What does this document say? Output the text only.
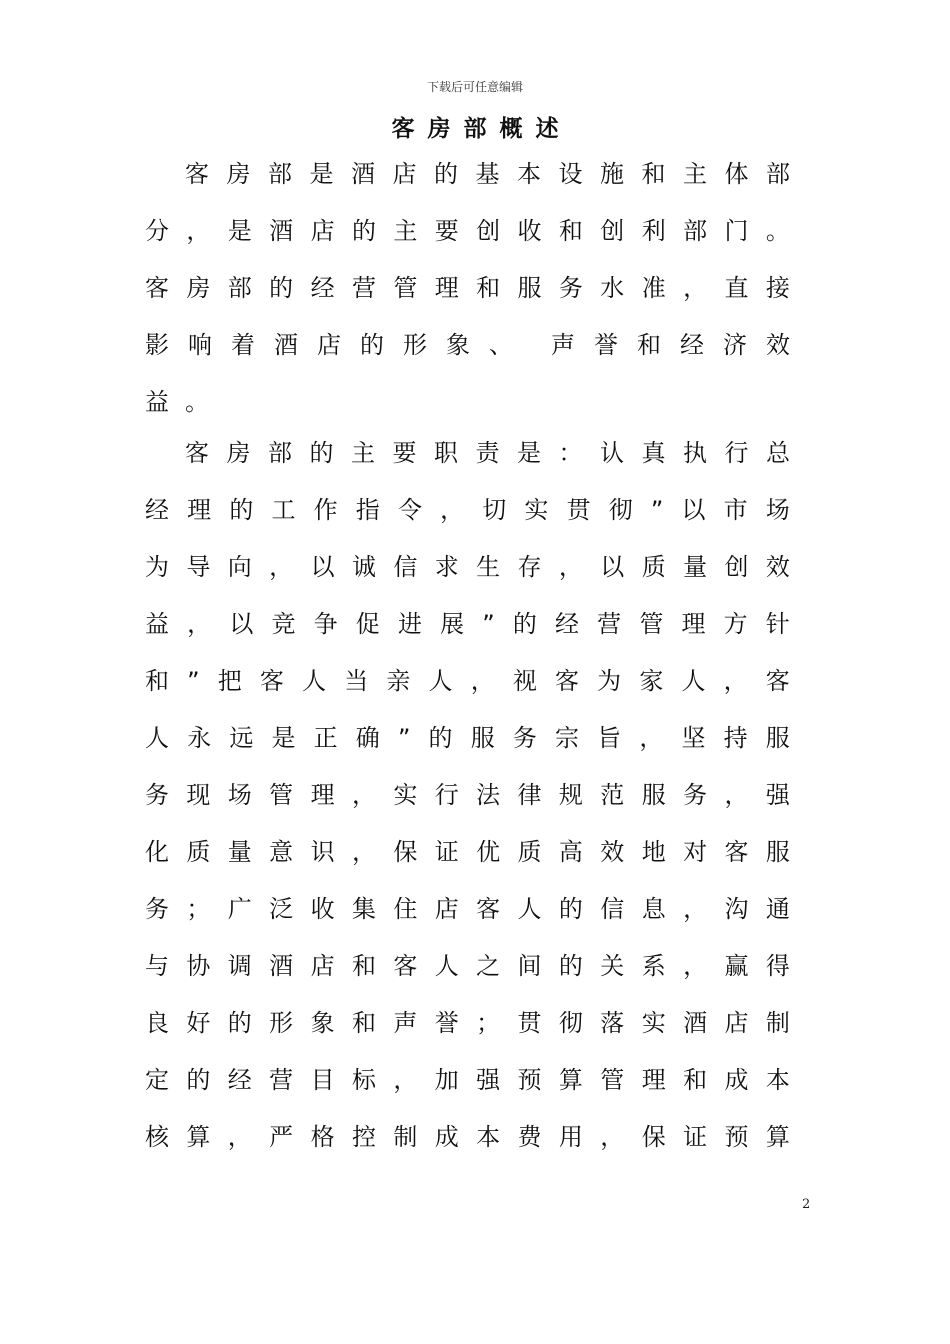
下载后可任意编辑
客房部概述
客 房 部 是 酒 店 的 基 本 设 施 和 主 体 部
分 ， 是 酒 店 的 主 要 创 收 和 创 利 部 门 。
客 房 部 的 经 营 管 理 和 服 务 水 准 ， 直 接
影 响 着 酒 店 的 形 象 、 声 誉 和 经 济 效
益 。
客 房 部 的 主 要 职 责 是 ： 认 真 执 行 总
经 理 的 工 作 指 令 ， 切 实 贯 彻 ” 以 市 场
为 导 向 ， 以 诚 信 求 生 存 ， 以 质 量 创 效
益 ， 以 竞 争 促 进 展 ” 的 经 营 管 理 方 针
和 ” 把 客 人 当 亲 人 ， 视 客 为 家 人 ， 客
人 永 远 是 正 确 ” 的 服 务 宗 旨 ， 坚 持 服
务 现 场 管 理 ， 实 行 法 律 规 范 服 务 ， 强
化 质 量 意 识 ， 保 证 优 质 高 效 地 对 客 服
务 ； 广 泛 收 集 住 店 客 人 的 信 息 ， 沟 通
与 协 调 酒 店 和 客 人 之 间 的 关 系 ， 赢 得
良 好 的 形 象 和 声 誉 ； 贯 彻 落 实 酒 店 制
定 的 经 营 目 标 ， 加 强 预 算 管 理 和 成 本
核 算 ， 严 格 控 制 成 本 费 用 ， 保 证 预 算
2
